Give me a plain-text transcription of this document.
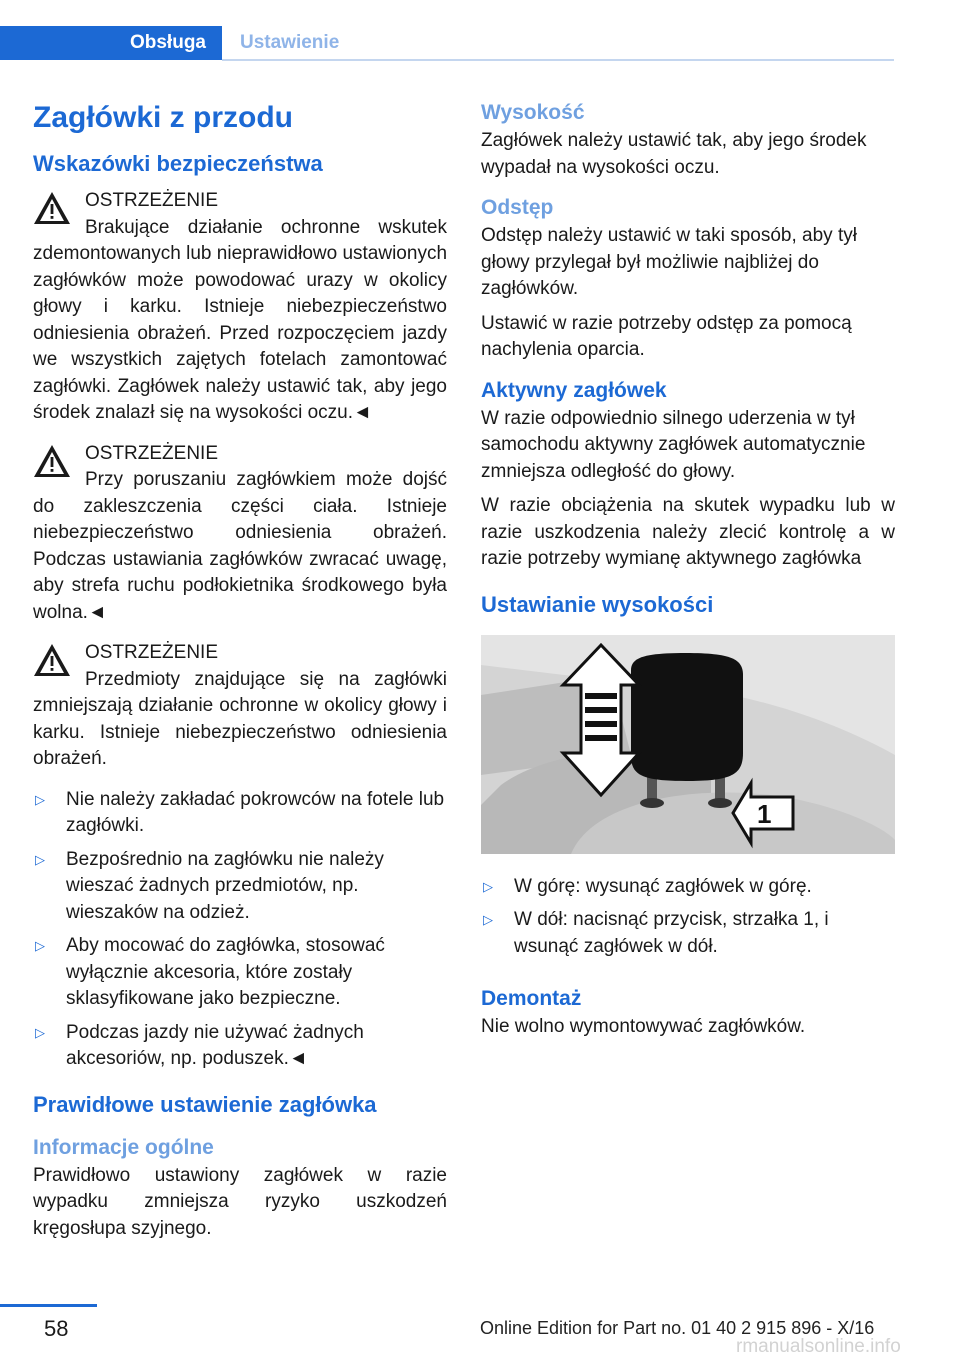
Obsługa	Ustawienie
Zagłówki z przodu
Wskazówki bezpieczeństwa
OSTRZEŻENIE
Brakujące działanie ochronne wskutek zdemontowanych lub nieprawidłowo ustawionych zagłówków może powodować urazy w okolicy głowy i karku. Istnieje niebezpieczeństwo odniesienia obrażeń. Przed rozpoczęciem jazdy we wszystkich zajętych fotelach zamontować zagłówki. Zagłówek należy ustawić tak, aby jego środek znalazł się na wysokości oczu.◄
OSTRZEŻENIE
Przy poruszaniu zagłówkiem może dojść do zakleszczenia części ciała. Istnieje niebezpieczeństwo odniesienia obrażeń. Podczas ustawiania zagłówków zwracać uwagę, aby strefa ruchu podłokietnika środkowego była wolna.◄
OSTRZEŻENIE
Przedmioty znajdujące się na zagłówki zmniejszają działanie ochronne w okolicy głowy i karku. Istnieje niebezpieczeństwo odniesienia obrażeń.
▷ Nie należy zakładać pokrowców na fotele lub zagłówki.
▷ Bezpośrednio na zagłówku nie należy wieszać żadnych przedmiotów, np. wieszaków na odzież.
▷ Aby mocować do zagłówka, stosować wyłącznie akcesoria, które zostały sklasyfikowane jako bezpieczne.
▷ Podczas jazdy nie używać żadnych akcesoriów, np. poduszek.◄
Prawidłowe ustawienie zagłówka
Informacje ogólne

Prawidłowo ustawiony zagłówek w razie wypadku zmniejsza ryzyko uszkodzeń kręgosłupa szyjnego.

Wysokość

Zagłówek należy ustawić tak, aby jego środek wypadał na wysokości oczu.

Odstęp

Odstęp należy ustawić w taki sposób, aby tył głowy przylegał był możliwie najbliżej do zagłówków.

Ustawić w razie potrzeby odstęp za pomocą nachylenia oparcia.

Aktywny zagłówek

W razie odpowiednio silnego uderzenia w tył samochodu aktywny zagłówek automatycznie zmniejsza odległość do głowy.

W razie obciążenia na skutek wypadku lub w razie uszkodzenia należy zlecić kontrolę a w razie potrzeby wymianę aktywnego zagłówka

Ustawianie wysokości
1
▷ W górę: wysunąć zagłówek w górę.
▷ W dół: nacisnąć przycisk, strzałka 1, i wsunąć zagłówek w dół.
Demontaż

Nie wolno wymontowywać zagłówków.

58	Online Edition for Part no. 01 40 2 915 896 - X/16
rmanualsonline.info
